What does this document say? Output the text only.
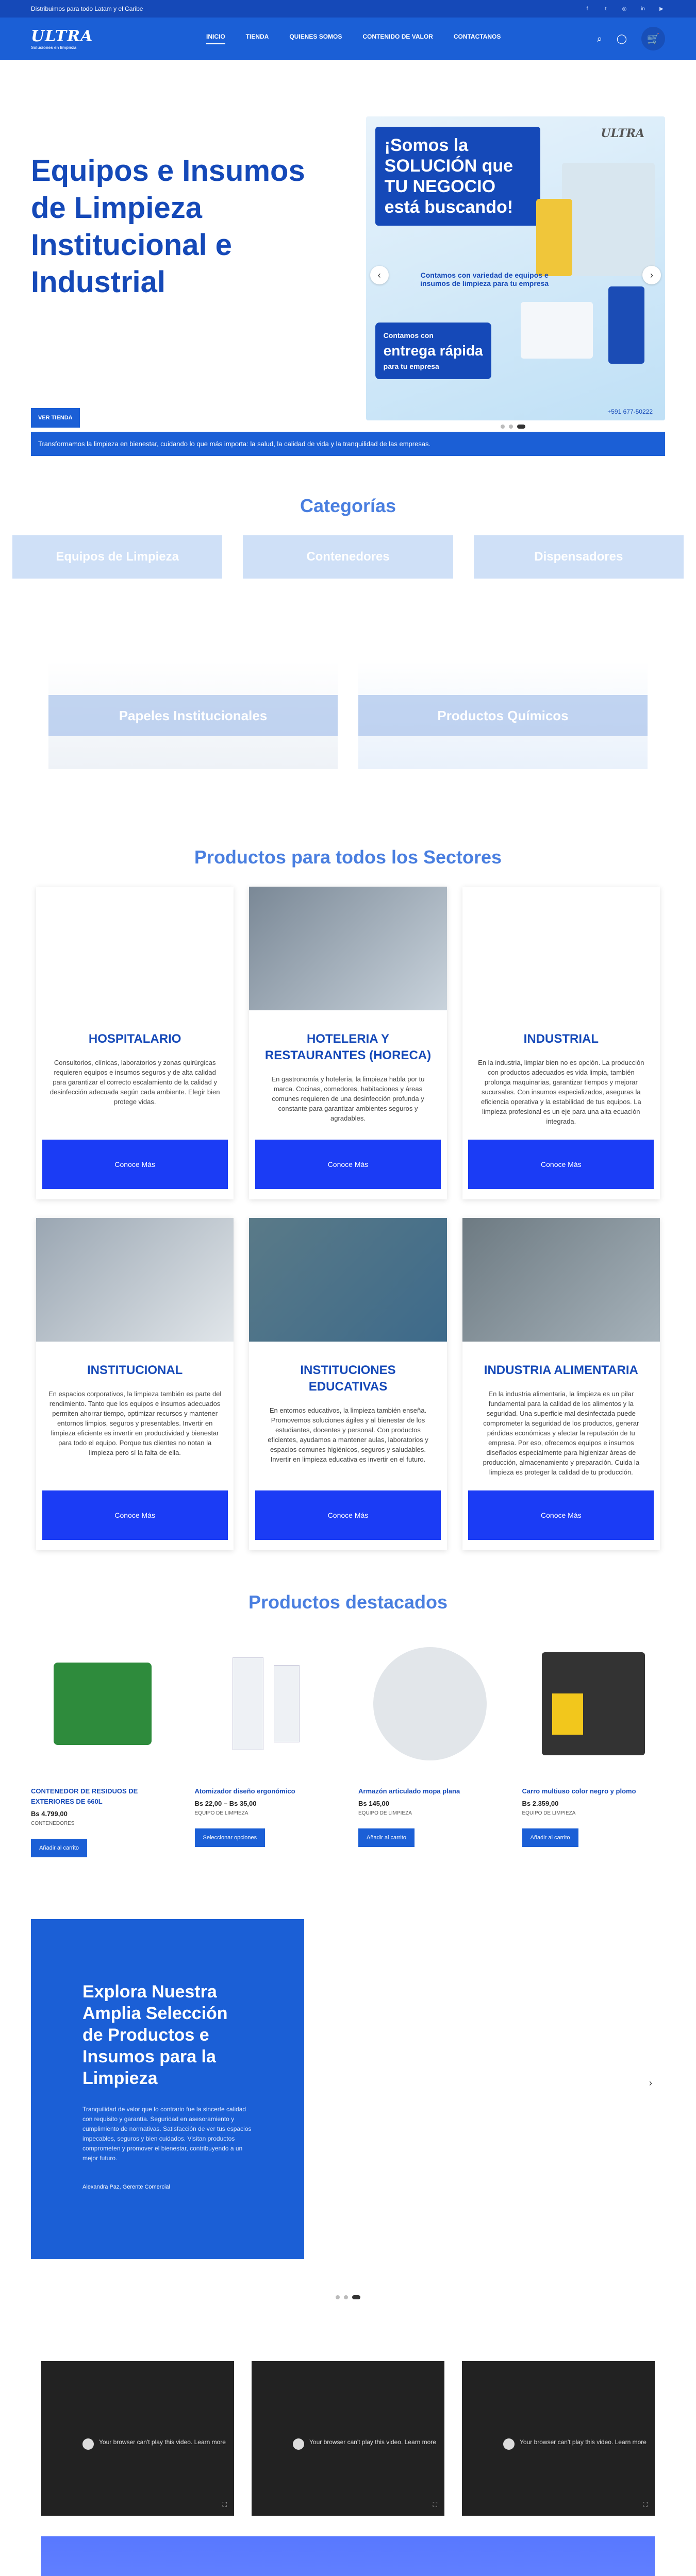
Distribuimos para todo Latam y el Caribe	f	t	◎	in	▶
ULTRA
Soluciones en limpieza
INICIO	TIENDA	QUIENES SOMOS	CONTENIDO DE VALOR	CONTACTANOS	⌕ ◯	🛒
Equipos e Insumos de Limpieza Institucional e Industrial
¡Somos la SOLUCIÓN que TU NEGOCIO está buscando!
ULTRA
Contamos con variedad de equipos e insumos de limpieza para tu empresa
Contamos con
entrega rápida
para tu empresa
+591 677-50222
‹	›
VER TIENDA
Transformamos la limpieza en bienestar, cuidando lo que más importa: la salud, la calidad de vida y la tranquilidad de las empresas.
Categorías
Equipos de Limpieza	Contenedores	Dispensadores
Papeles Institucionales	Productos Químicos
Productos para todos los Sectores
HOSPITALARIO

Consultorios, clínicas, laboratorios y zonas quirúrgicas requieren equipos e insumos seguros y de alta calidad para garantizar el correcto escalamiento de la calidad y desinfección adecuada según cada ambiente. Elegir bien protege vidas.

Conoce Más
HOTELERIA Y RESTAURANTES (HORECA)

En gastronomía y hotelería, la limpieza habla por tu marca. Cocinas, comedores, habitaciones y áreas comunes requieren de una desinfección profunda y constante para garantizar ambientes seguros y agradables.

Conoce Más
INDUSTRIAL

En la industria, limpiar bien no es opción. La producción con productos adecuados es vida limpia, también prolonga maquinarias, garantizar tiempos y mejorar sucursales. Con insumos especializados, aseguras la eficiencia operativa y la estabilidad de tus equipos. La limpieza profesional es un eje para una alta ecuación integrada.

Conoce Más
INSTITUCIONAL

En espacios corporativos, la limpieza también es parte del rendimiento. Tanto que los equipos e insumos adecuados permiten ahorrar tiempo, optimizar recursos y mantener entornos limpios, seguros y presentables. Invertir en limpieza eficiente es invertir en productividad y bienestar para todo el equipo. Porque tus clientes no notan la limpieza pero sí la falta de ella.

Conoce Más
INSTITUCIONES EDUCATIVAS

En entornos educativos, la limpieza también enseña. Promovemos soluciones ágiles y al bienestar de los estudiantes, docentes y personal. Con productos eficientes, ayudamos a mantener aulas, laboratorios y espacios comunes higiénicos, seguros y saludables. Invertir en limpieza educativa es invertir en el futuro.

Conoce Más
INDUSTRIA ALIMENTARIA

En la industria alimentaria, la limpieza es un pilar fundamental para la calidad de los alimentos y la seguridad. Una superficie mal desinfectada puede comprometer la seguridad de los productos, generar pérdidas económicas y afectar la reputación de tu empresa. Por eso, ofrecemos equipos e insumos diseñados especialmente para higienizar áreas de producción, almacenamiento y preparación. Cuida la limpieza es proteger la calidad de tu producción.

Conoce Más
Productos destacados
CONTENEDOR DE RESIDUOS DE EXTERIORES DE 660L
Bs 4.799,00
CONTENEDORES
Añadir al carrito
Atomizador diseño ergonómico
Bs 22,00 – Bs 35,00
EQUIPO DE LIMPIEZA
Seleccionar opciones
Armazón articulado mopa plana
Bs 145,00
EQUIPO DE LIMPIEZA
Añadir al carrito
Carro multiuso color negro y plomo
Bs 2.359,00
EQUIPO DE LIMPIEZA
Añadir al carrito
Explora Nuestra Amplia Selección de Productos e Insumos para la Limpieza

Tranquilidad de valor que lo contrario fue la sincerte calidad con requisito y garantía. Seguridad en asesoramiento y cumplimiento de normativas. Satisfacción de ver tus espacios impecables, seguros y bien cuidados. Visitan productos comprometen y promover el bienestar, contribuyendo a un mejor futuro.

Alexandra Paz, Gerente Comercial
›
Your browser can't play this video. Learn more
⛶
Your browser can't play this video. Learn more
⛶
Your browser can't play this video. Learn more
⛶
